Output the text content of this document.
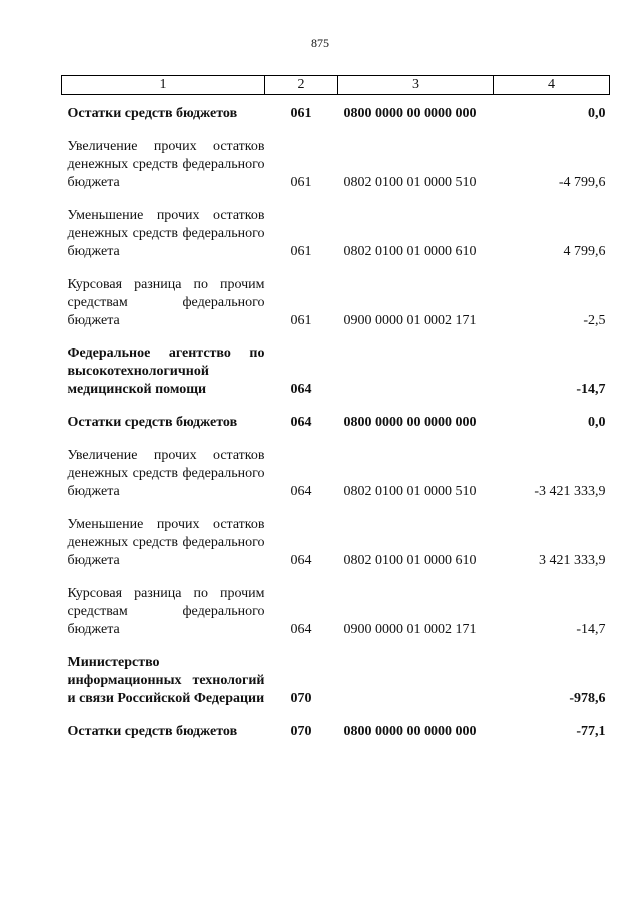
875
1	2	3	4

Остатки средств бюджетов	061	0800 0000 00 0000 000	0,0

Увеличение прочих остатков денежных средств федерального бюджета	061	0802 0100 01 0000 510	-4 799,6

Уменьшение прочих остатков денежных средств федерального бюджета	061	0802 0100 01 0000 610	4 799,6

Курсовая разница по прочим средствам федерального бюджета	061	0900 0000 01 0002 171	-2,5

Федеральное агентство по высокотехнологичной медицинской помощи	064		-14,7

Остатки средств бюджетов	064	0800 0000 00 0000 000	0,0

Увеличение прочих остатков денежных средств федерального бюджета	064	0802 0100 01 0000 510	-3 421 333,9

Уменьшение прочих остатков денежных средств федерального бюджета	064	0802 0100 01 0000 610	3 421 333,9

Курсовая разница по прочим средствам федерального бюджета	064	0900 0000 01 0002 171	-14,7

Министерство информационных технологий и связи Российской Федерации	070		-978,6

Остатки средств бюджетов	070	0800 0000 00 0000 000	-77,1
